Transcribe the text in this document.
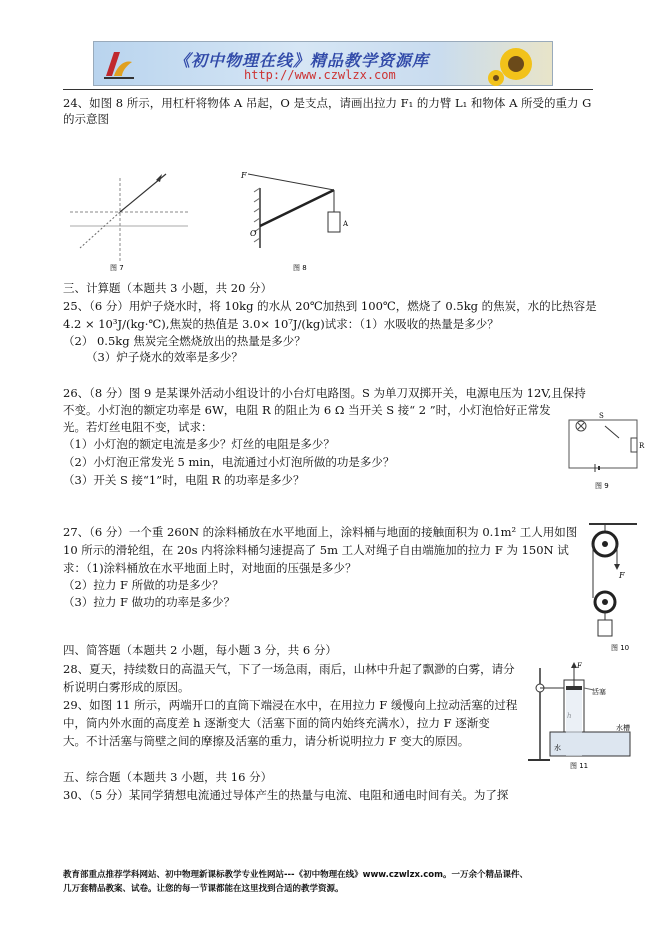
《初中物理在线》精品教学资源库
http://www.czwlzx.com
24、如图 8 所示，用杠杆将物体 A 吊起，O 是支点，请画出拉力 F₁ 的力臂 L₁ 和物体 A 所受的重力 G
的示意图
图 7
F
O
A
图 8
三、计算题（本题共 3 小题，共 20 分）
25、（6 分）用炉子烧水时，将 10kg 的水从 20℃加热到 100℃，燃烧了 0.5kg 的焦炭，水的比热容是
4.2 × 10³J/(kg·℃),焦炭的热值是 3.0× 10⁷J/(kg)试求：（1）水吸收的热量是多少？
（2） 0.5kg 焦炭完全燃烧放出的热量是多少？
（3）炉子烧水的效率是多少？
26、（8 分）图 9 是某课外活动小组设计的小台灯电路图。S 为单刀双掷开关，电源电压为 12V,且保持
不变。小灯泡的额定功率是 6W，电阻 R 的阻止为 6 Ω 当开关 S 接“ 2 ”时，小灯泡恰好正常发
光。若灯丝电阻不变，试求：
（1）小灯泡的额定电流是多少？灯丝的电阻是多少？
（2）小灯泡正常发光 5 min，电流通过小灯泡所做的功是多少？
（3）开关 S 接“1”时，电阻 R 的功率是多少？
S
R
图 9
27、（6 分）一个重 260N 的涂料桶放在水平地面上，涂料桶与地面的接触面积为 0.1m² 工人用如图
10 所示的滑轮组，在 20s 内将涂料桶匀速提高了 5m 工人对绳子自由端施加的拉力 F 为 150N 试
求：（1)涂料桶放在水平地面上时，对地面的压强是多少？
（2）拉力 F 所做的功是多少？
（3）拉力 F 做功的功率是多少？
F
图 10
四、简答题（本题共 2 小题，每小题 3 分，共 6 分）
28、夏天，持续数日的高温天气，下了一场急雨，雨后，山林中升起了飘渺的白雾，请分
析说明白雾形成的原因。
29、如图 11 所示，两端开口的直筒下端浸在水中，在用拉力 F 缓慢向上拉动活塞的过程
中，筒内外水面的高度差 h 逐渐变大（活塞下面的筒内始终充满水），拉力 F 逐渐变
大。不计活塞与筒壁之间的摩擦及活塞的重力，请分析说明拉力 F 变大的原因。
F
活塞
水
水槽
图 11
五、综合题（本题共 3 小题，共 16 分）
30、（5 分）某同学猜想电流通过导体产生的热量与电流、电阻和通电时间有关。为了探
教育部重点推荐学科网站、初中物理新课标教学专业性网站---《初中物理在线》www.czwlzx.com。一万余个精品课件、
几万套精品教案、试卷。让您的每一节课都能在这里找到合适的教学资源。
